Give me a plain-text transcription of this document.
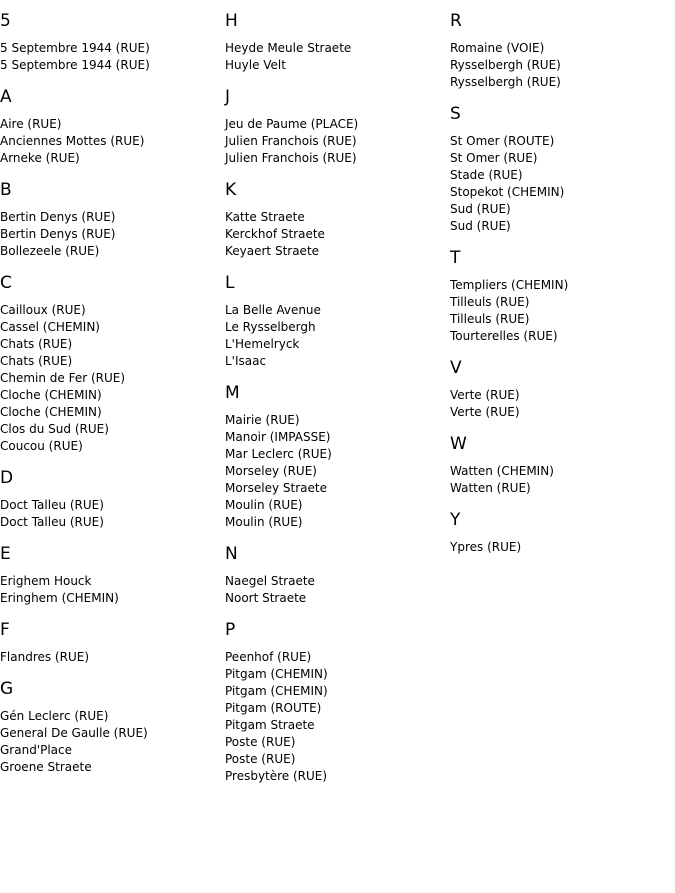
5
5 Septembre 1944 (RUE)
5 Septembre 1944 (RUE)
A
Aire (RUE)
Anciennes Mottes (RUE)
Arneke (RUE)
B
Bertin Denys (RUE)
Bertin Denys (RUE)
Bollezeele (RUE)
C
Cailloux (RUE)
Cassel (CHEMIN)
Chats (RUE)
Chats (RUE)
Chemin de Fer (RUE)
Cloche (CHEMIN)
Cloche (CHEMIN)
Clos du Sud (RUE)
Coucou (RUE)
D
Doct Talleu (RUE)
Doct Talleu (RUE)
E
Erighem Houck
Eringhem (CHEMIN)
F
Flandres (RUE)
G
Gén Leclerc (RUE)
General De Gaulle (RUE)
Grand'Place
Groene Straete
H
Heyde Meule Straete
Huyle Velt
J
Jeu de Paume (PLACE)
Julien Franchois (RUE)
Julien Franchois (RUE)
K
Katte Straete
Kerckhof Straete
Keyaert Straete
L
La Belle Avenue
Le Rysselbergh
L'Hemelryck
L'Isaac
M
Mairie (RUE)
Manoir (IMPASSE)
Mar Leclerc (RUE)
Morseley (RUE)
Morseley Straete
Moulin (RUE)
Moulin (RUE)
N
Naegel Straete
Noort Straete
P
Peenhof (RUE)
Pitgam (CHEMIN)
Pitgam (CHEMIN)
Pitgam (ROUTE)
Pitgam Straete
Poste (RUE)
Poste (RUE)
Presbytère (RUE)
R
Romaine (VOIE)
Rysselbergh (RUE)
Rysselbergh (RUE)
S
St Omer (ROUTE)
St Omer (RUE)
Stade (RUE)
Stopekot (CHEMIN)
Sud (RUE)
Sud (RUE)
T
Templiers (CHEMIN)
Tilleuls (RUE)
Tilleuls (RUE)
Tourterelles (RUE)
V
Verte (RUE)
Verte (RUE)
W
Watten (CHEMIN)
Watten (RUE)
Y
Ypres (RUE)
